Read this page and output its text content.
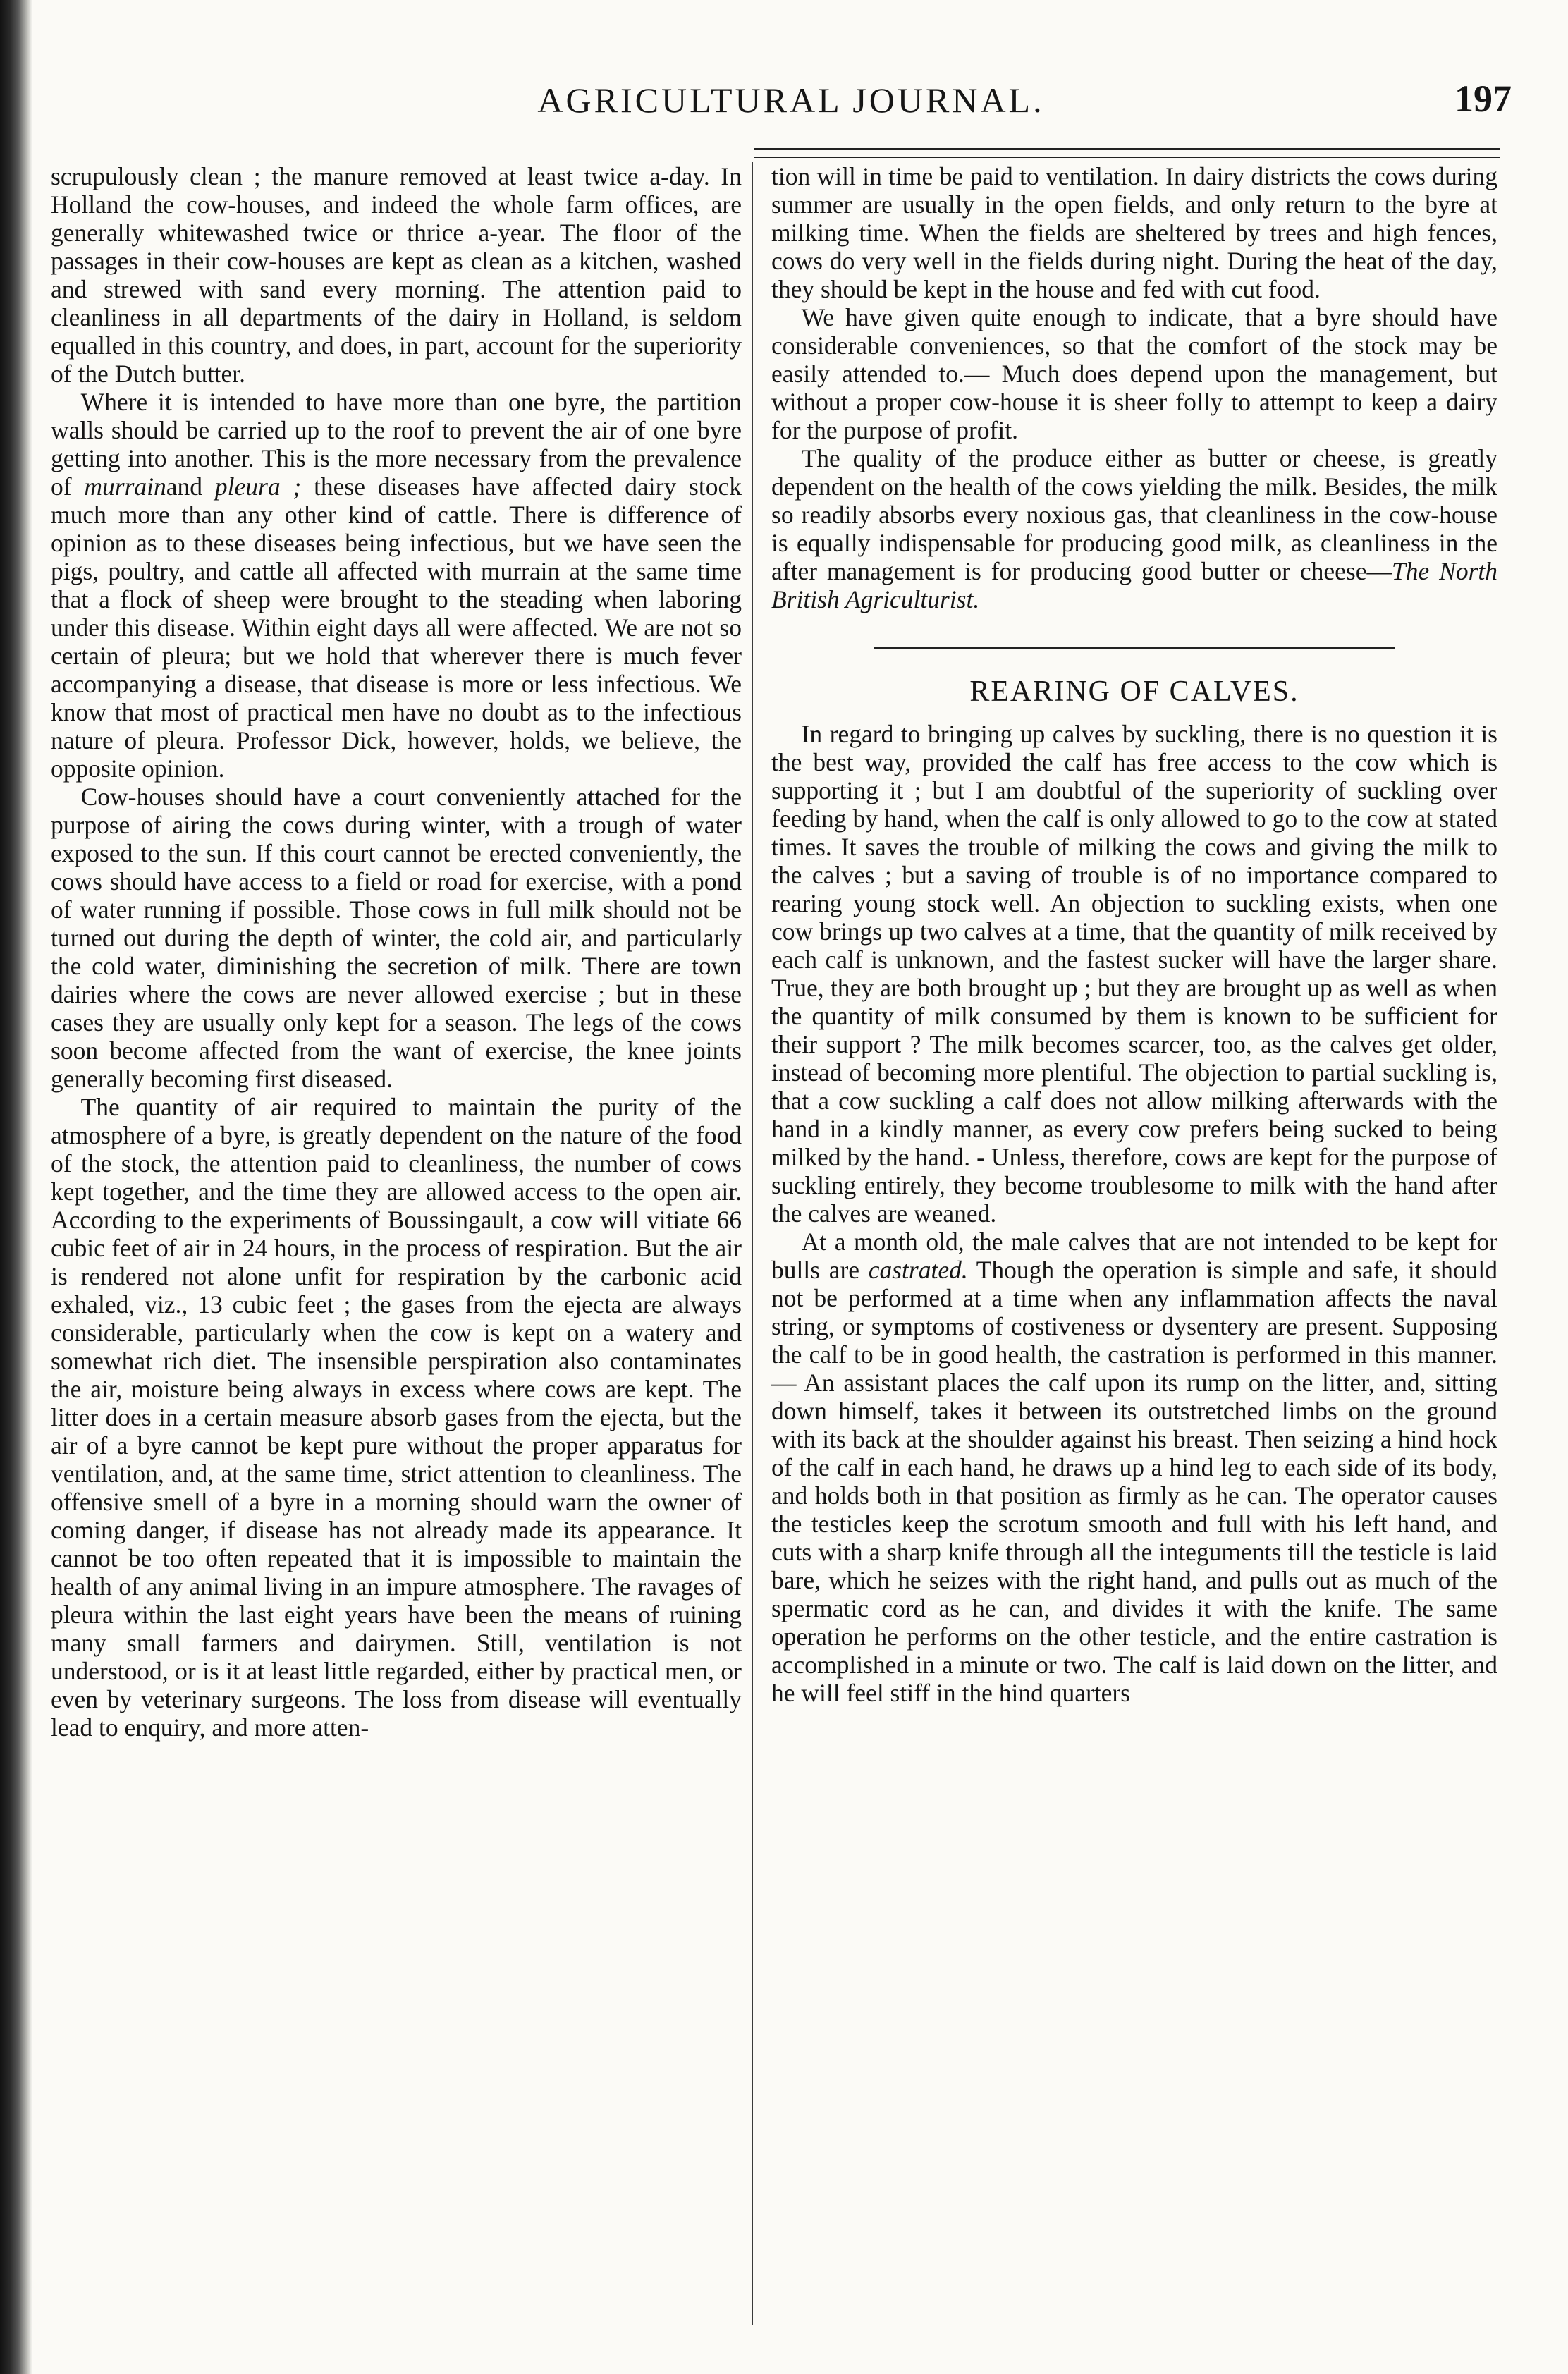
AGRICULTURAL JOURNAL.	197

scrupulously clean ; the manure removed at least twice a-day. In Holland the cow-houses, and indeed the whole farm offices, are generally whitewashed twice or thrice a-year. The floor of the passages in their cow-houses are kept as clean as a kitchen, washed and strewed with sand every morning. The attention paid to cleanliness in all departments of the dairy in Holland, is seldom equalled in this country, and does, in part, account for the superiority of the Dutch butter.

Where it is intended to have more than one byre, the partition walls should be carried up to the roof to prevent the air of one byre getting into another. This is the more necessary from the prevalence of murrainand pleura ; these diseases have affected dairy stock much more than any other kind of cattle. There is difference of opinion as to these diseases being infectious, but we have seen the pigs, poultry, and cattle all affected with murrain at the same time that a flock of sheep were brought to the steading when laboring under this disease. Within eight days all were affected. We are not so certain of pleura; but we hold that wherever there is much fever accompanying a disease, that disease is more or less infectious. We know that most of practical men have no doubt as to the infectious nature of pleura. Professor Dick, however, holds, we believe, the opposite opinion.

Cow-houses should have a court conveniently attached for the purpose of airing the cows during winter, with a trough of water exposed to the sun. If this court cannot be erected conveniently, the cows should have access to a field or road for exercise, with a pond of water running if possible. Those cows in full milk should not be turned out during the depth of winter, the cold air, and particularly the cold water, diminishing the secretion of milk. There are town dairies where the cows are never allowed exercise ; but in these cases they are usually only kept for a season. The legs of the cows soon become affected from the want of exercise, the knee joints generally becoming first diseased.

The quantity of air required to maintain the purity of the atmosphere of a byre, is greatly dependent on the nature of the food of the stock, the attention paid to cleanliness, the number of cows kept together, and the time they are allowed access to the open air. According to the experiments of Boussingault, a cow will vitiate 66 cubic feet of air in 24 hours, in the process of respiration. But the air is rendered not alone unfit for respiration by the carbonic acid exhaled, viz., 13 cubic feet ; the gases from the ejecta are always considerable, particularly when the cow is kept on a watery and somewhat rich diet. The insensible perspiration also contaminates the air, moisture being always in excess where cows are kept. The litter does in a certain measure absorb gases from the ejecta, but the air of a byre cannot be kept pure without the proper apparatus for ventilation, and, at the same time, strict attention to cleanliness. The offensive smell of a byre in a morning should warn the owner of coming danger, if disease has not already made its appearance. It cannot be too often repeated that it is impossible to maintain the health of any animal living in an impure atmosphere. The ravages of pleura within the last eight years have been the means of ruining many small farmers and dairymen. Still, ventilation is not understood, or is it at least little regarded, either by practical men, or even by veterinary surgeons. The loss from disease will eventually lead to enquiry, and more atten-

tion will in time be paid to ventilation. In dairy districts the cows during summer are usually in the open fields, and only return to the byre at milking time. When the fields are sheltered by trees and high fences, cows do very well in the fields during night. During the heat of the day, they should be kept in the house and fed with cut food.

We have given quite enough to indicate, that a byre should have considerable conveniences, so that the comfort of the stock may be easily attended to.— Much does depend upon the management, but without a proper cow-house it is sheer folly to attempt to keep a dairy for the purpose of profit.

The quality of the produce either as butter or cheese, is greatly dependent on the health of the cows yielding the milk. Besides, the milk so readily absorbs every noxious gas, that cleanliness in the cow-house is equally indispensable for producing good milk, as cleanliness in the after management is for producing good butter or cheese—The North British Agriculturist.

REARING OF CALVES.

In regard to bringing up calves by suckling, there is no question it is the best way, provided the calf has free access to the cow which is supporting it ; but I am doubtful of the superiority of suckling over feeding by hand, when the calf is only allowed to go to the cow at stated times. It saves the trouble of milking the cows and giving the milk to the calves ; but a saving of trouble is of no importance compared to rearing young stock well. An objection to suckling exists, when one cow brings up two calves at a time, that the quantity of milk received by each calf is unknown, and the fastest sucker will have the larger share. True, they are both brought up ; but they are brought up as well as when the quantity of milk consumed by them is known to be sufficient for their support ? The milk becomes scarcer, too, as the calves get older, instead of becoming more plentiful. The objection to partial suckling is, that a cow suckling a calf does not allow milking afterwards with the hand in a kindly manner, as every cow prefers being sucked to being milked by the hand. - Unless, therefore, cows are kept for the purpose of suckling entirely, they become troublesome to milk with the hand after the calves are weaned.

At a month old, the male calves that are not intended to be kept for bulls are castrated. Though the operation is simple and safe, it should not be performed at a time when any inflammation affects the naval string, or symptoms of costiveness or dysentery are present. Supposing the calf to be in good health, the castration is performed in this manner.— An assistant places the calf upon its rump on the litter, and, sitting down himself, takes it between its outstretched limbs on the ground with its back at the shoulder against his breast. Then seizing a hind hock of the calf in each hand, he draws up a hind leg to each side of its body, and holds both in that position as firmly as he can. The operator causes the testicles keep the scrotum smooth and full with his left hand, and cuts with a sharp knife through all the integuments till the testicle is laid bare, which he seizes with the right hand, and pulls out as much of the spermatic cord as he can, and divides it with the knife. The same operation he performs on the other testicle, and the entire castration is accomplished in a minute or two. The calf is laid down on the litter, and he will feel stiff in the hind quarters
